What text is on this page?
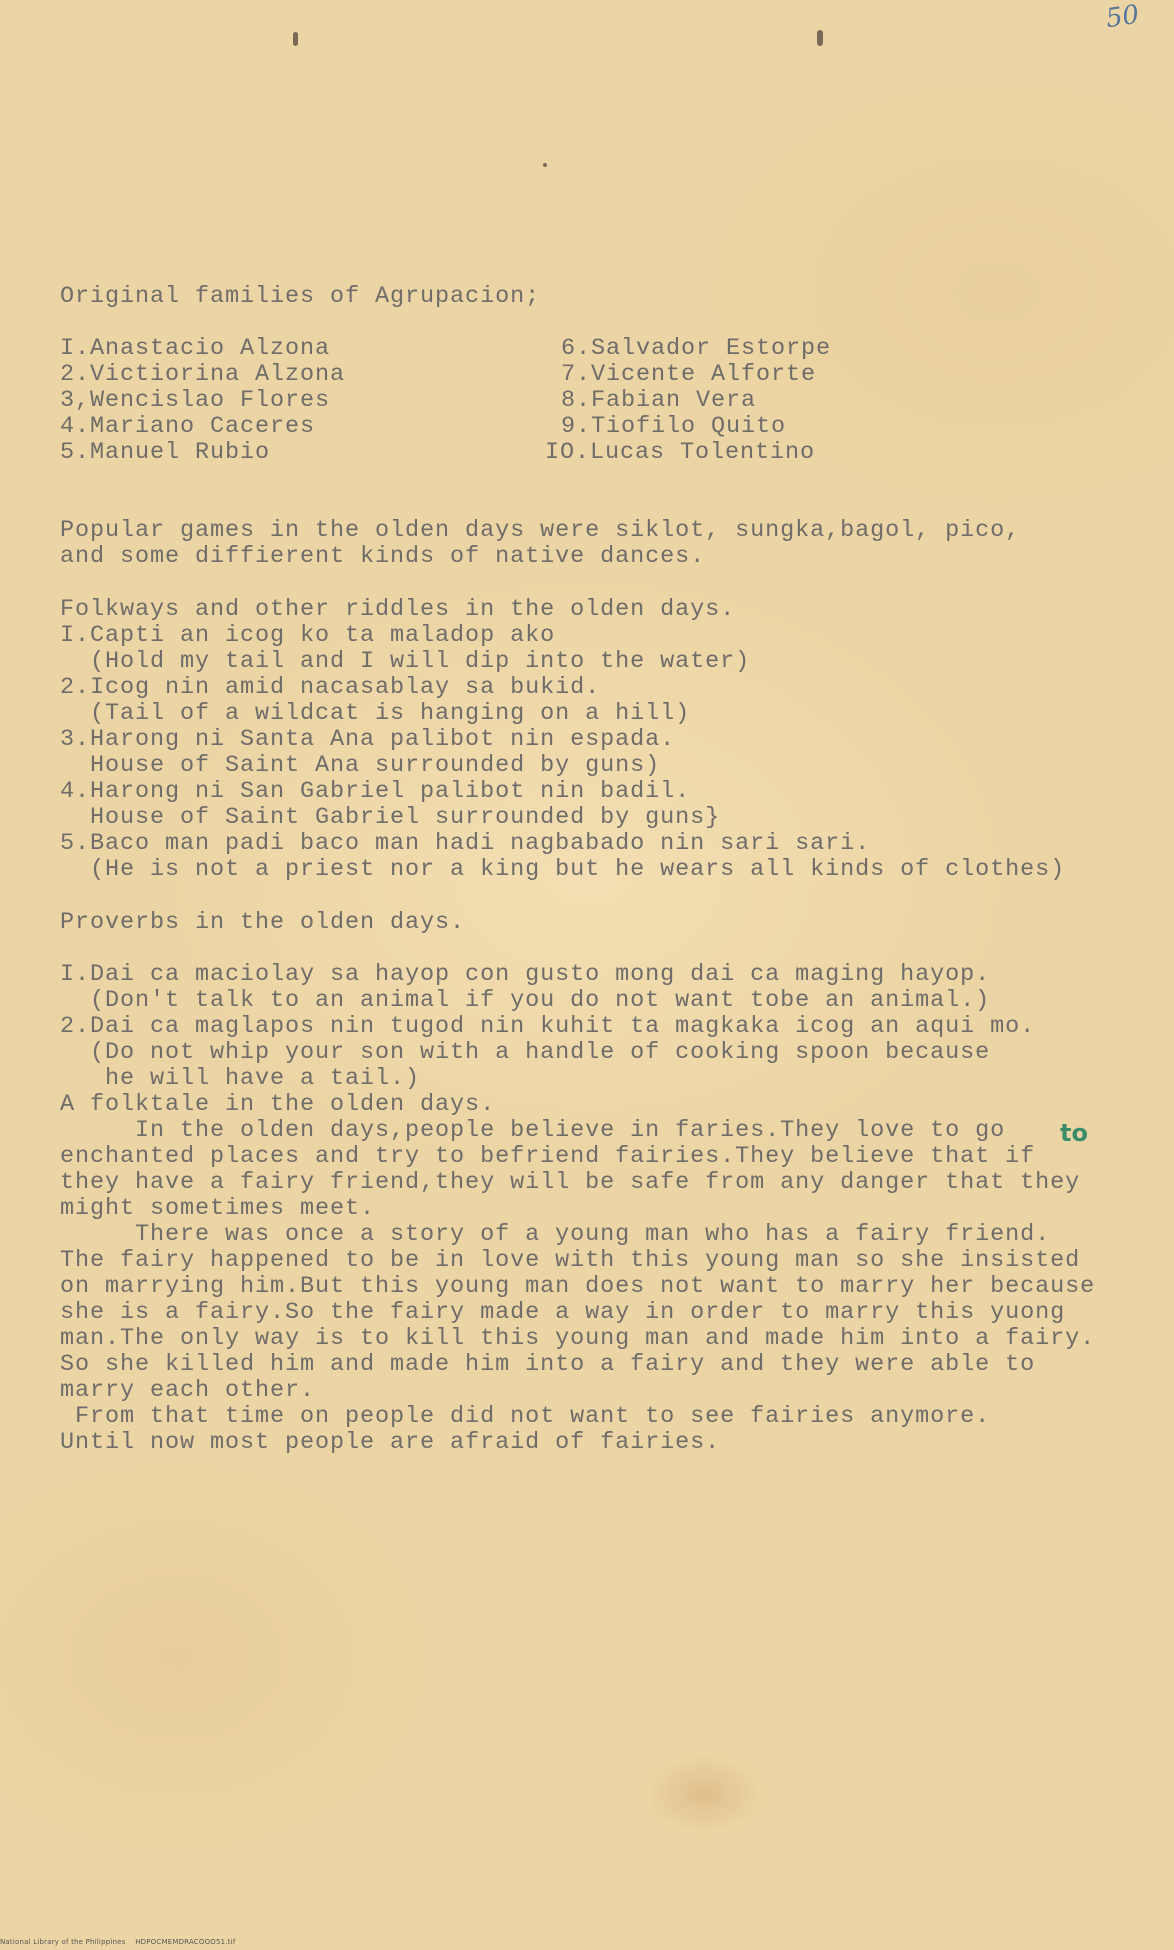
50
Original families of Agrupacion;
I.Anastacio Alzona
2.Victiorina Alzona
3,Wencislao Flores
4.Mariano Caceres
5.Manuel Rubio
6.Salvador Estorpe
7.Vicente Alforte
8.Fabian Vera
9.Tiofilo Quito
IO.Lucas Tolentino
Popular games in the olden days were siklot, sungka,bagol, pico,
and some diffierent kinds of native dances.
Folkways and other riddles in the olden days.
I.Capti an icog ko ta maladop ako
(Hold my tail and I will dip into the water)
2.Icog nin amid nacasablay sa bukid.
(Tail of a wildcat is hanging on a hill)
3.Harong ni Santa Ana palibot nin espada.
House of Saint Ana surrounded by guns)
4.Harong ni San Gabriel palibot nin badil.
House of Saint Gabriel surrounded by guns}
5.Baco man padi baco man hadi nagbabado nin sari sari.
(He is not a priest nor a king but he wears all kinds of clothes)
Proverbs in the olden days.
I.Dai ca maciolay sa hayop con gusto mong dai ca maging hayop.
(Don't talk to an animal if you do not want tobe an animal.)
2.Dai ca maglapos nin tugod nin kuhit ta magkaka icog an aqui mo.
(Do not whip your son with a handle of cooking spoon because
he will have a tail.)
A folktale in the olden days.
In the olden days,people believe in faries.They love to go
enchanted places and try to befriend fairies.They believe that if
they have a fairy friend,they will be safe from any danger that they
might sometimes meet.
There was once a story of a young man who has a fairy friend.
The fairy happened to be in love with this young man so she insisted
on marrying him.But this young man does not want to marry her because
she is a fairy.So the fairy made a way in order to marry this yuong
man.The only way is to kill this young man and made him into a fairy.
So she killed him and made him into a fairy and they were able to
marry each other.
From that time on people did not want to see fairies anymore.
Until now most people are afraid of fairies.
to
National Library of the Philippines    HDPOCMEMDRACOOO51.tif
